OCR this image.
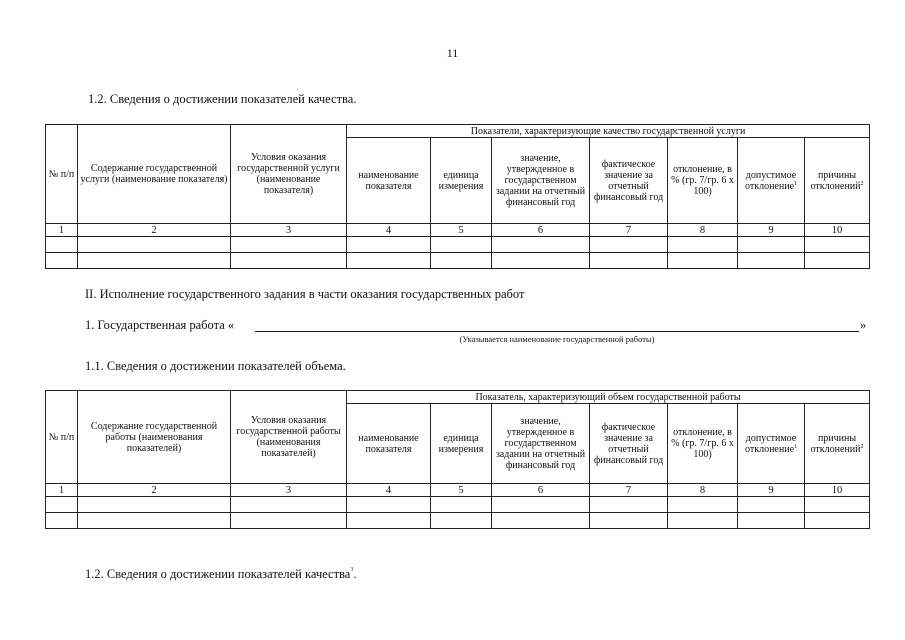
11
1.2. Сведения о достижении показателей качества.
№ п/п	Содержание государственной услуги (наименование показателя)	Условия оказания государственной услуги (наименование показателя)	Показатели, характеризующие качество государственной услуги						
			наименование показателя	единица измерения	значение, утвержденное в государственном задании на отчетный финансовый год	фактическое значение за отчетный финансовый год	отклонение, в % (гр. 7/гр. 6 х 100)	допустимое отклонение$^1$	причины отклонений$^2$
1	2	3	4	5	6	7	8	9	10

II. Исполнение государственного задания в части оказания государственных работ
1. Государственная работа «	»
(Указывается наименование государственной работы)
1.1. Сведения о достижении показателей объема.
№ п/п	Содержание государственной работы (наименования показателей)	Условия оказания государственной работы (наименования показателей)	Показатель, характеризующий объем государственной работы						
			наименование показателя	единица измерения	значение, утвержденное в государственном задании на отчетный финансовый год	фактическое значение за отчетный финансовый год	отклонение, в % (гр. 7/гр. 6 х 100)	допустимое отклонение$^1$	причины отклонений$^2$
1	2	3	4	5	6	7	8	9	10

1.2. Сведения о достижении показателей качества$^3$.
